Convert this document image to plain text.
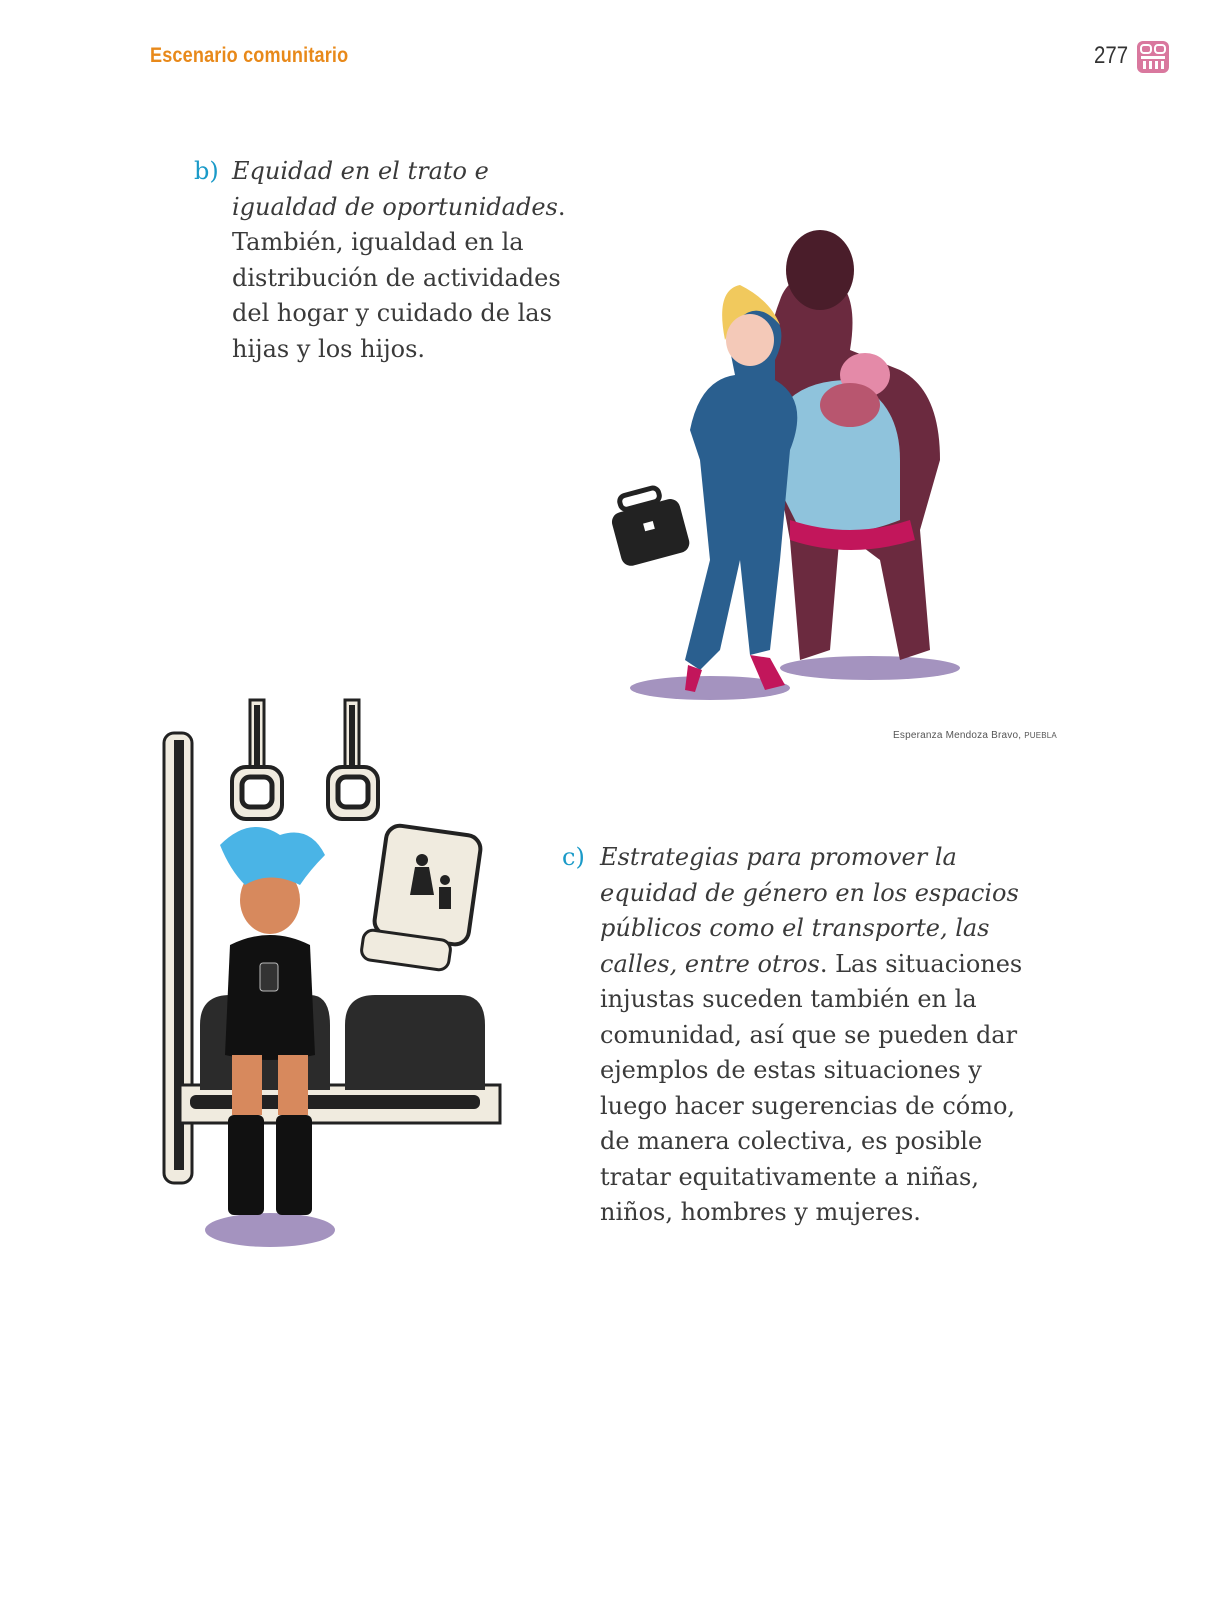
Escenario comunitario	277
b) Equidad en el trato e igualdad de oportunidades. También, igualdad en la distribución de actividades del hogar y cuidado de las hijas y los hijos.
Esperanza Mendoza Bravo, PUEBLA
c) Estrategias para promover la equidad de género en los espacios públicos como el transporte, las calles, entre otros. Las situaciones injustas suceden también en la comunidad, así que se pueden dar ejemplos de estas situaciones y luego hacer sugerencias de cómo, de manera colectiva, es posible tratar equitativamente a niñas, niños, hombres y mujeres.
